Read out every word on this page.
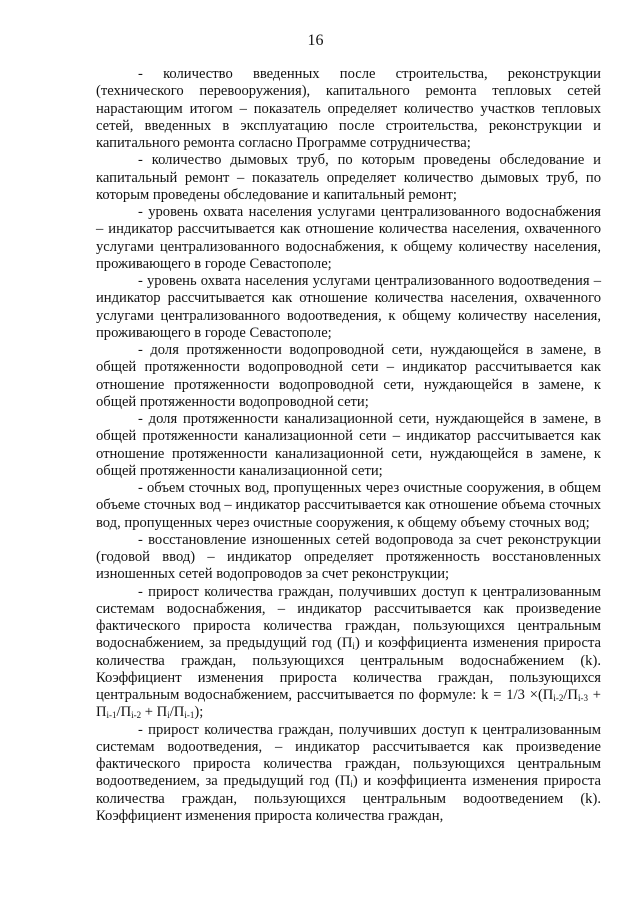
16

- количество введенных после строительства, реконструкции (технического перевооружения), капитального ремонта тепловых сетей нарастающим итогом – показатель определяет количество участков тепловых сетей, введенных в эксплуатацию после строительства, реконструкции и капитального ремонта согласно Программе сотрудничества;

- количество дымовых труб, по которым проведены обследование и капитальный ремонт – показатель определяет количество дымовых труб, по которым проведены обследование и капитальный ремонт;

- уровень охвата населения услугами централизованного водоснабжения – индикатор рассчитывается как отношение количества населения, охваченного услугами централизованного водоснабжения, к общему количеству населения, проживающего в городе Севастополе;

- уровень охвата населения услугами централизованного водоотведения – индикатор рассчитывается как отношение количества населения, охваченного услугами централизованного водоотведения, к общему количеству населения, проживающего в городе Севастополе;

- доля протяженности водопроводной сети, нуждающейся в замене, в общей протяженности водопроводной сети – индикатор рассчитывается как отношение протяженности водопроводной сети, нуждающейся в замене, к общей протяженности водопроводной сети;

- доля протяженности канализационной сети, нуждающейся в замене, в общей протяженности канализационной сети – индикатор рассчитывается как отношение протяженности канализационной сети, нуждающейся в замене, к общей протяженности канализационной сети;

- объем сточных вод, пропущенных через очистные сооружения, в общем объеме сточных вод – индикатор рассчитывается как отношение объема сточных вод, пропущенных через очистные сооружения, к общему объему сточных вод;

- восстановление изношенных сетей водопровода за счет реконструкции (годовой ввод) – индикатор определяет протяженность восстановленных изношенных сетей водопроводов за счет реконструкции;

- прирост количества граждан, получивших доступ к централизованным системам водоснабжения, – индикатор рассчитывается как произведение фактического прироста количества граждан, пользующихся центральным водоснабжением, за предыдущий год $(П_i)$ и коэффициента изменения прироста количества граждан, пользующихся центральным водоснабжением (k). Коэффициент изменения прироста количества граждан, пользующихся центральным водоснабжением, рассчитывается по формуле: $k = 1/3 \times(П_{i-2}/П_{i-3} + П_{i-1}/П_{i-2} + П_i/П_{i-1})$;

- прирост количества граждан, получивших доступ к централизованным системам водоотведения, – индикатор рассчитывается как произведение фактического прироста количества граждан, пользующихся центральным водоотведением, за предыдущий год $(П_i)$ и коэффициента изменения прироста количества граждан, пользующихся центральным водоотведением (k). Коэффициент изменения прироста количества граждан,
